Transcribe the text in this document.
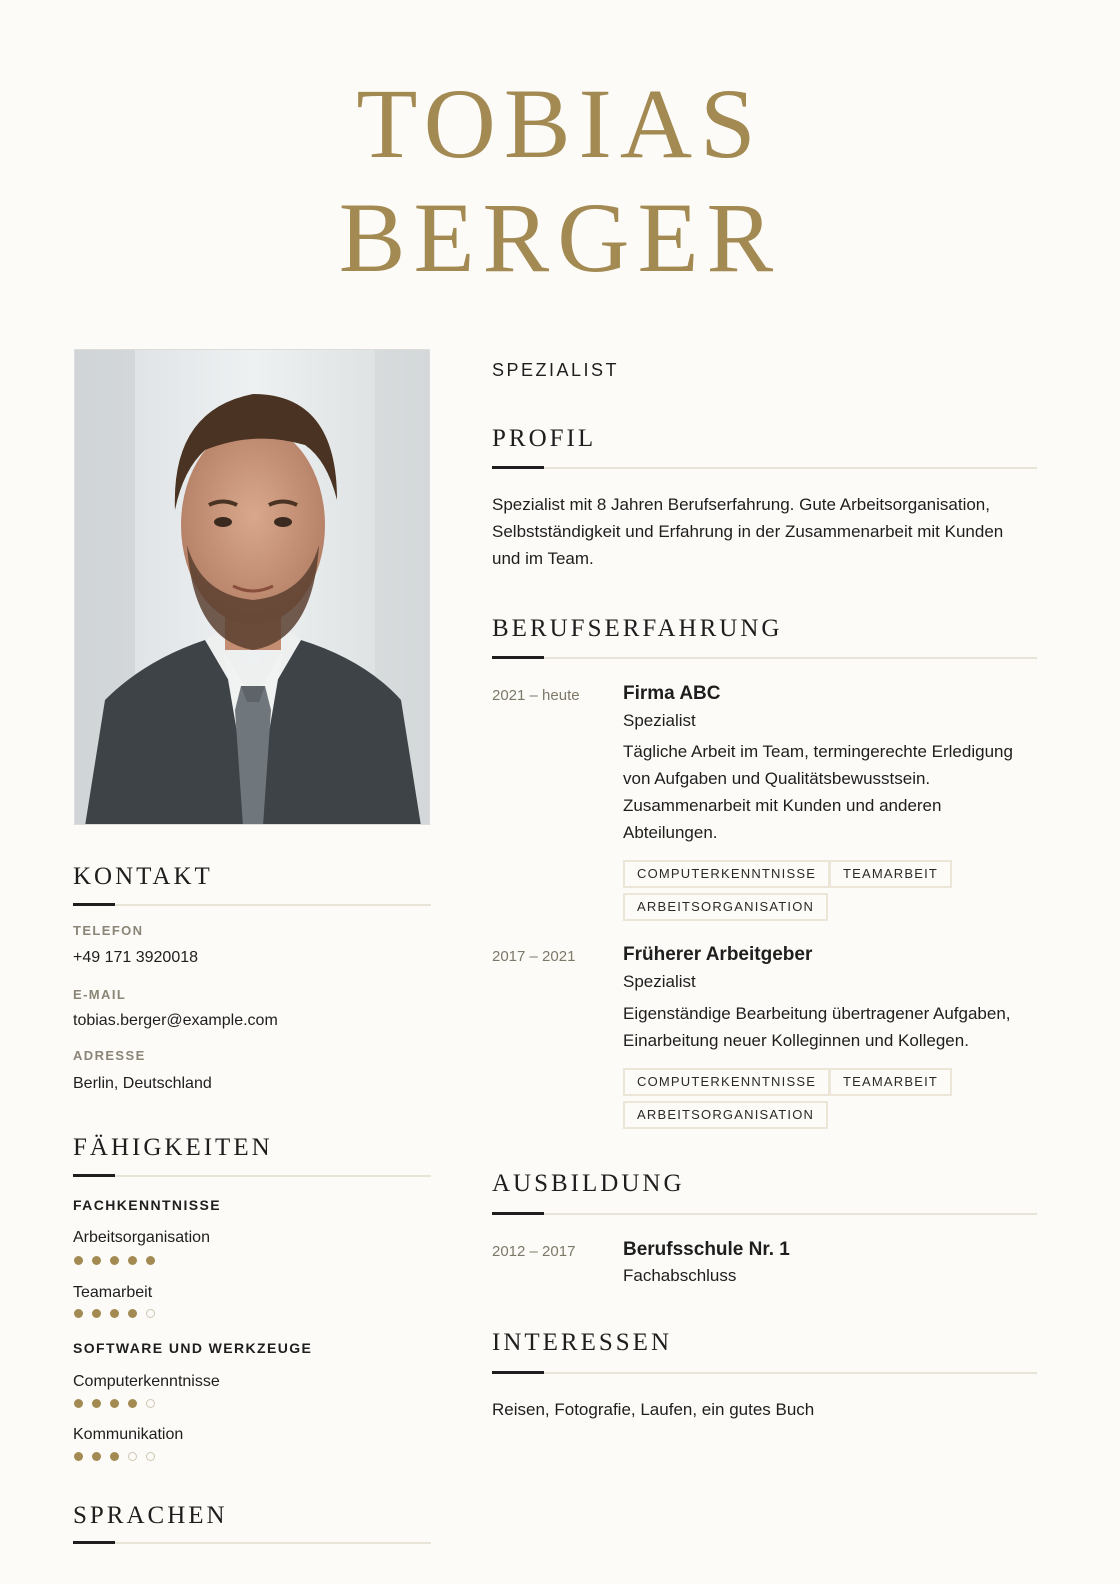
TOBIAS
BERGER
KONTAKT
TELEFON
+49 171 3920018
E-MAIL
tobias.berger@example.com
ADRESSE
Berlin, Deutschland
FÄHIGKEITEN
FACHKENNTNISSE
Arbeitsorganisation
Teamarbeit
SOFTWARE UND WERKZEUGE
Computerkenntnisse
Kommunikation
SPRACHEN
SPEZIALIST
PROFIL
Spezialist mit 8 Jahren Berufserfahrung. Gute Arbeitsorganisation,
Selbstständigkeit und Erfahrung in der Zusammenarbeit mit Kunden
und im Team.
BERUFSERFAHRUNG
2021 – heute Firma ABC
Spezialist
Tägliche Arbeit im Team, termingerechte Erledigung
von Aufgaben und Qualitätsbewusstsein.
Zusammenarbeit mit Kunden und anderen
Abteilungen.
COMPUTERKENNTNISSE	TEAMARBEIT
ARBEITSORGANISATION
2017 – 2021	Früherer Arbeitgeber
Spezialist
Eigenständige Bearbeitung übertragener Aufgaben,
Einarbeitung neuer Kolleginnen und Kollegen.
COMPUTERKENNTNISSE	TEAMARBEIT
ARBEITSORGANISATION
AUSBILDUNG
2012 – 2017	Berufsschule Nr. 1
Fachabschluss
INTERESSEN
Reisen, Fotografie, Laufen, ein gutes Buch
